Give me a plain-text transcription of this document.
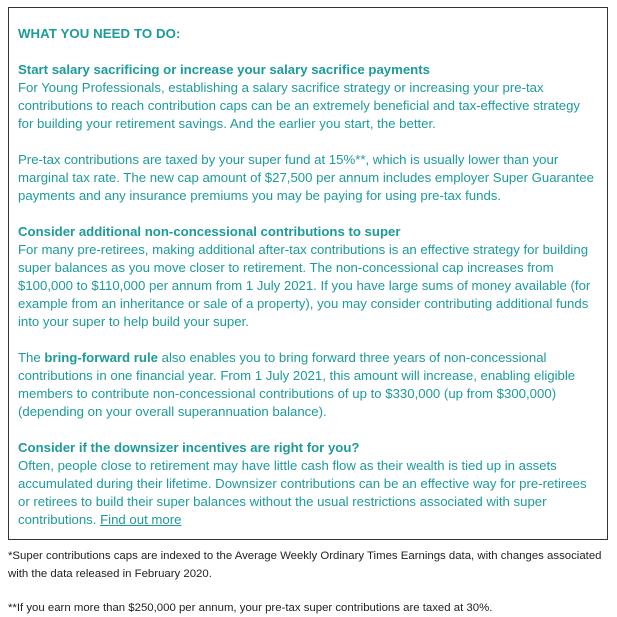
WHAT YOU NEED TO DO:

Start salary sacrificing or increase your salary sacrifice payments

For Young Professionals, establishing a salary sacrifice strategy or increasing your pre-tax contributions to reach contribution caps can be an extremely beneficial and tax-effective strategy for building your retirement savings. And the earlier you start, the better.

Pre-tax contributions are taxed by your super fund at 15%**, which is usually lower than your marginal tax rate. The new cap amount of $27,500 per annum includes employer Super Guarantee payments and any insurance premiums you may be paying for using pre-tax funds.

Consider additional non-concessional contributions to super

For many pre-retirees, making additional after-tax contributions is an effective strategy for building super balances as you move closer to retirement. The non-concessional cap increases from $100,000 to $110,000 per annum from 1 July 2021. If you have large sums of money available (for example from an inheritance or sale of a property), you may consider contributing additional funds into your super to help build your super.

The bring-forward rule also enables you to bring forward three years of non-concessional contributions in one financial year. From 1 July 2021, this amount will increase, enabling eligible members to contribute non-concessional contributions of up to $330,000 (up from $300,000) (depending on your overall superannuation balance).

Consider if the downsizer incentives are right for you?

Often, people close to retirement may have little cash flow as their wealth is tied up in assets accumulated during their lifetime. Downsizer contributions can be an effective way for pre-retirees or retirees to build their super balances without the usual restrictions associated with super contributions. Find out more

*Super contributions caps are indexed to the Average Weekly Ordinary Times Earnings data, with changes associated with the data released in February 2020.

**If you earn more than $250,000 per annum, your pre-tax super contributions are taxed at 30%.
